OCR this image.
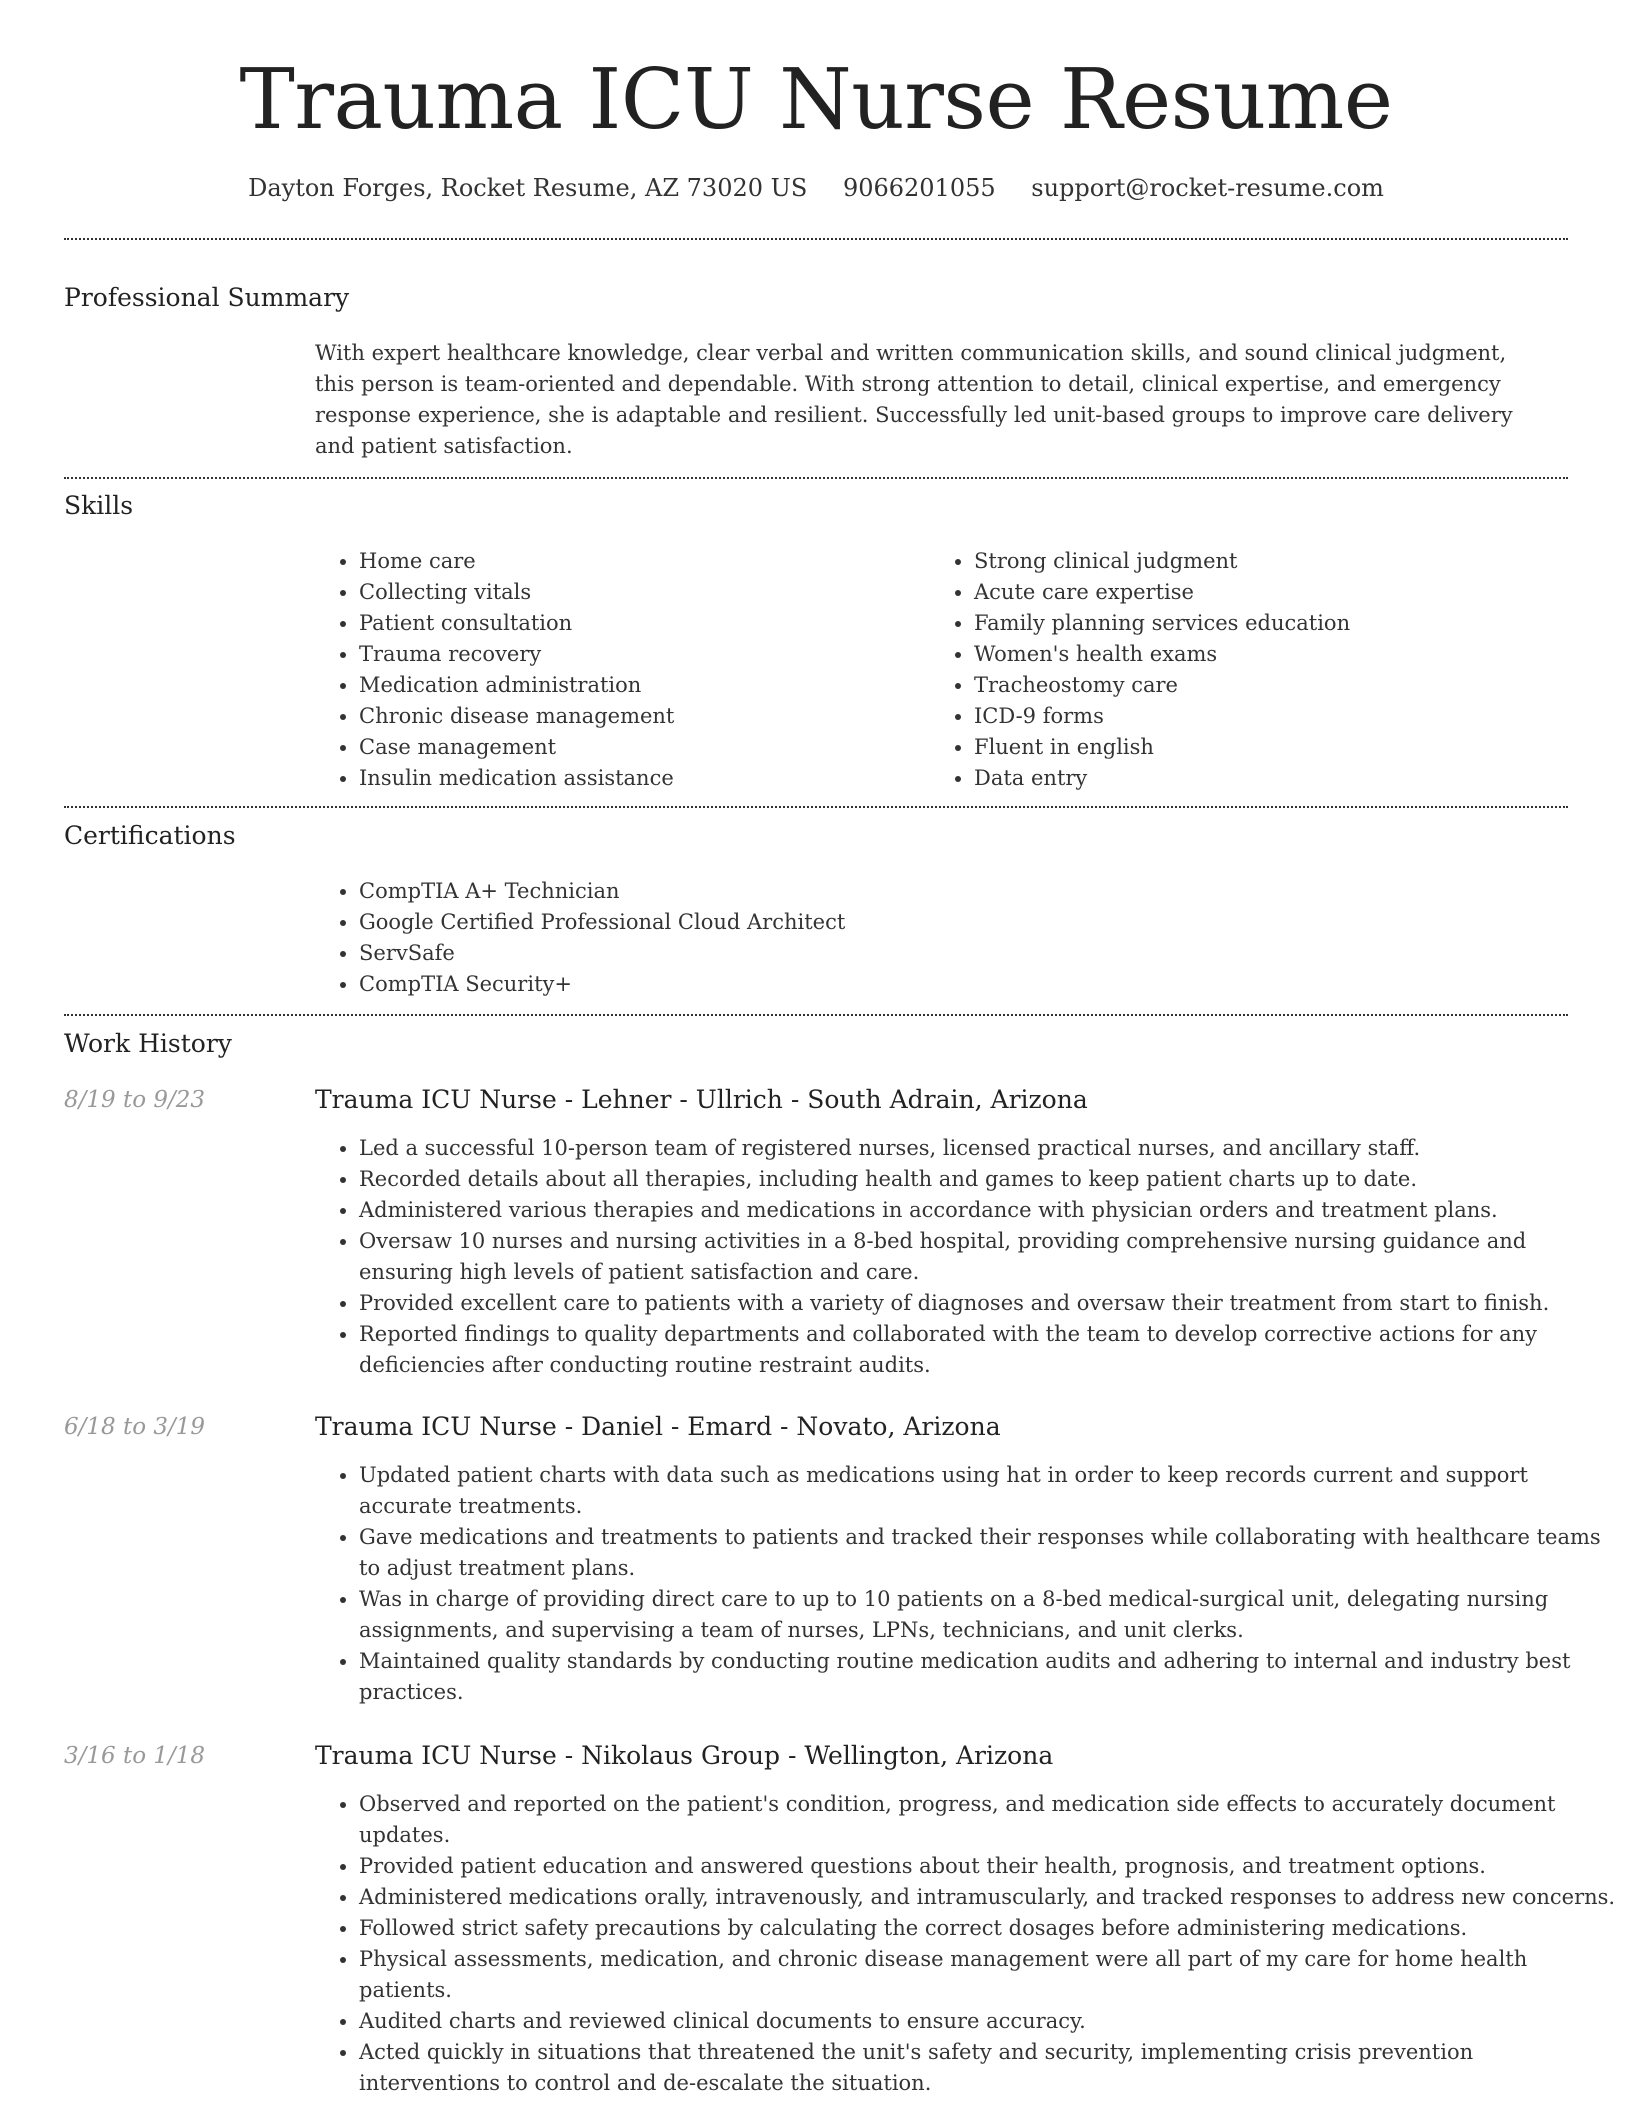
Trauma ICU Nurse Resume
Dayton Forges, Rocket Resume, AZ 73020 US 9066201055 support@rocket-resume.com
Professional Summary

With expert healthcare knowledge, clear verbal and written communication skills, and sound clinical judgment, this person is team-oriented and dependable. With strong attention to detail, clinical expertise, and emergency response experience, she is adaptable and resilient. Successfully led unit-based groups to improve care delivery and patient satisfaction.

Skills
• Home care
• Collecting vitals
• Patient consultation
• Trauma recovery
• Medication administration
• Chronic disease management
• Case management
• Insulin medication assistance
• Strong clinical judgment
• Acute care expertise
• Family planning services education
• Women's health exams
• Tracheostomy care
• ICD-9 forms
• Fluent in english
• Data entry
Certifications
• CompTIA A+ Technician
• Google Certified Professional Cloud Architect
• ServSafe
• CompTIA Security+
Work History
8/19 to 9/23	Trauma ICU Nurse - Lehner - Ullrich - South Adrain, Arizona
• Led a successful 10-person team of registered nurses, licensed practical nurses, and ancillary staff.
• Recorded details about all therapies, including health and games to keep patient charts up to date.
• Administered various therapies and medications in accordance with physician orders and treatment plans.
• Oversaw 10 nurses and nursing activities in a 8-bed hospital, providing comprehensive nursing guidance and ensuring high levels of patient satisfaction and care.
• Provided excellent care to patients with a variety of diagnoses and oversaw their treatment from start to finish.
• Reported findings to quality departments and collaborated with the team to develop corrective actions for any deficiencies after conducting routine restraint audits.
6/18 to 3/19	Trauma ICU Nurse - Daniel - Emard - Novato, Arizona
• Updated patient charts with data such as medications using hat in order to keep records current and support accurate treatments.
• Gave medications and treatments to patients and tracked their responses while collaborating with healthcare teams to adjust treatment plans.
• Was in charge of providing direct care to up to 10 patients on a 8-bed medical-surgical unit, delegating nursing assignments, and supervising a team of nurses, LPNs, technicians, and unit clerks.
• Maintained quality standards by conducting routine medication audits and adhering to internal and industry best practices.
3/16 to 1/18	Trauma ICU Nurse - Nikolaus Group - Wellington, Arizona
• Observed and reported on the patient's condition, progress, and medication side effects to accurately document updates.
• Provided patient education and answered questions about their health, prognosis, and treatment options.
• Administered medications orally, intravenously, and intramuscularly, and tracked responses to address new concerns.
• Followed strict safety precautions by calculating the correct dosages before administering medications.
• Physical assessments, medication, and chronic disease management were all part of my care for home health patients.
• Audited charts and reviewed clinical documents to ensure accuracy.
• Acted quickly in situations that threatened the unit's safety and security, implementing crisis prevention interventions to control and de-escalate the situation.
